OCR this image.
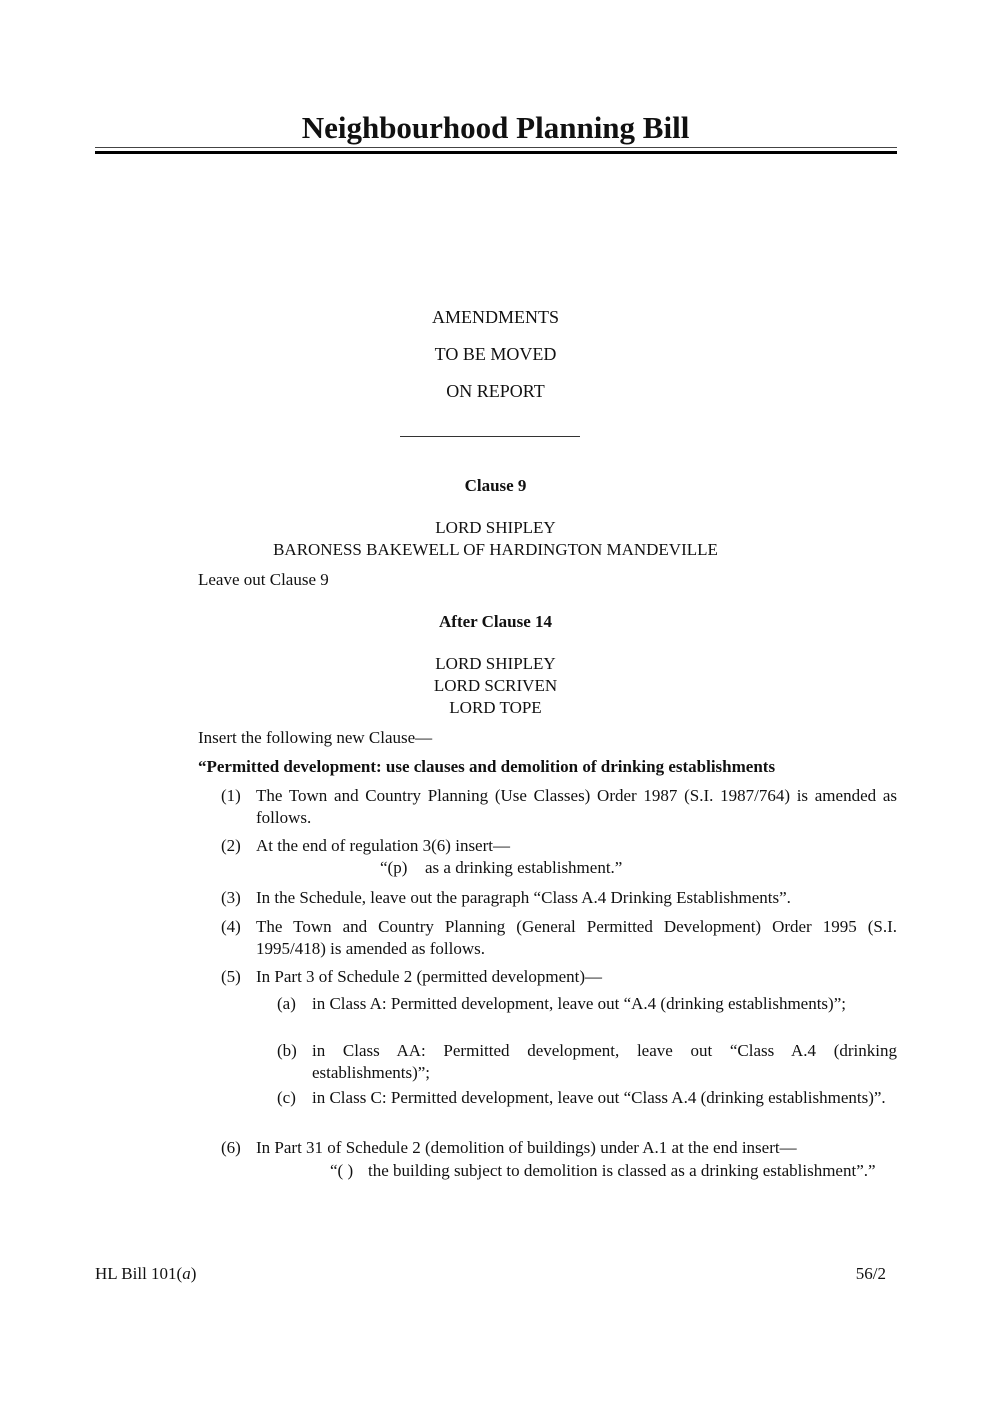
Neighbourhood Planning Bill
AMENDMENTS
TO BE MOVED
ON REPORT
Clause 9
LORD SHIPLEY
BARONESS BAKEWELL OF HARDINGTON MANDEVILLE
Leave out Clause 9
After Clause 14
LORD SHIPLEY
LORD SCRIVEN
LORD TOPE
Insert the following new Clause—
“Permitted development: use clauses and demolition of drinking establishments
(1) The Town and Country Planning (Use Classes) Order 1987 (S.I. 1987/764) is amended as follows.
(2) At the end of regulation 3(6) insert—
“(p) as a drinking establishment.”
(3) In the Schedule, leave out the paragraph “Class A.4 Drinking Establishments”.
(4) The Town and Country Planning (General Permitted Development) Order 1995 (S.I. 1995/418) is amended as follows.
(5) In Part 3 of Schedule 2 (permitted development)—
(a) in Class A: Permitted development, leave out “A.4 (drinking establishments)”;
(b) in Class AA: Permitted development, leave out “Class A.4 (drinking establishments)”;
(c) in Class C: Permitted development, leave out “Class A.4 (drinking establishments)”.
(6) In Part 31 of Schedule 2 (demolition of buildings) under A.1 at the end insert—
“( ) the building subject to demolition is classed as a drinking establishment”.”
HL Bill 101(a)	56/2
